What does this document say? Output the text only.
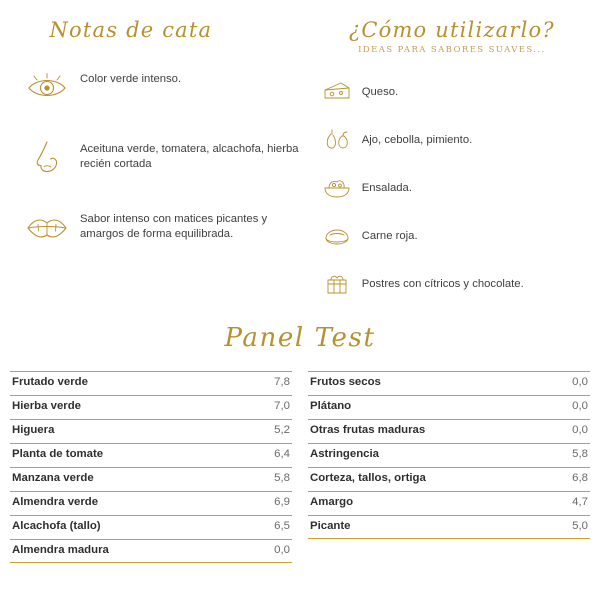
Notas de cata
Color verde intenso.
Aceituna verde, tomatera, alcachofa, hierba recién cortada
Sabor intenso con matices picantes y amargos de forma equilibrada.
¿Cómo utilizarlo?
IDEAS PARA SABORES SUAVES...
Queso.
Ajo, cebolla, pimiento.
Ensalada.
Carne roja.
Postres con cítricos y chocolate.
Panel Test
Frutado verde	7,8
Hierba verde	7,0
Higuera	5,2
Planta de tomate	6,4
Manzana verde	5,8
Almendra verde	6,9
Alcachofa (tallo)	6,5
Almendra madura	0,0
Frutos secos	0,0
Plátano	0,0
Otras frutas maduras	0,0
Astringencia	5,8
Corteza, tallos, ortiga	6,8
Amargo	4,7
Picante	5,0
